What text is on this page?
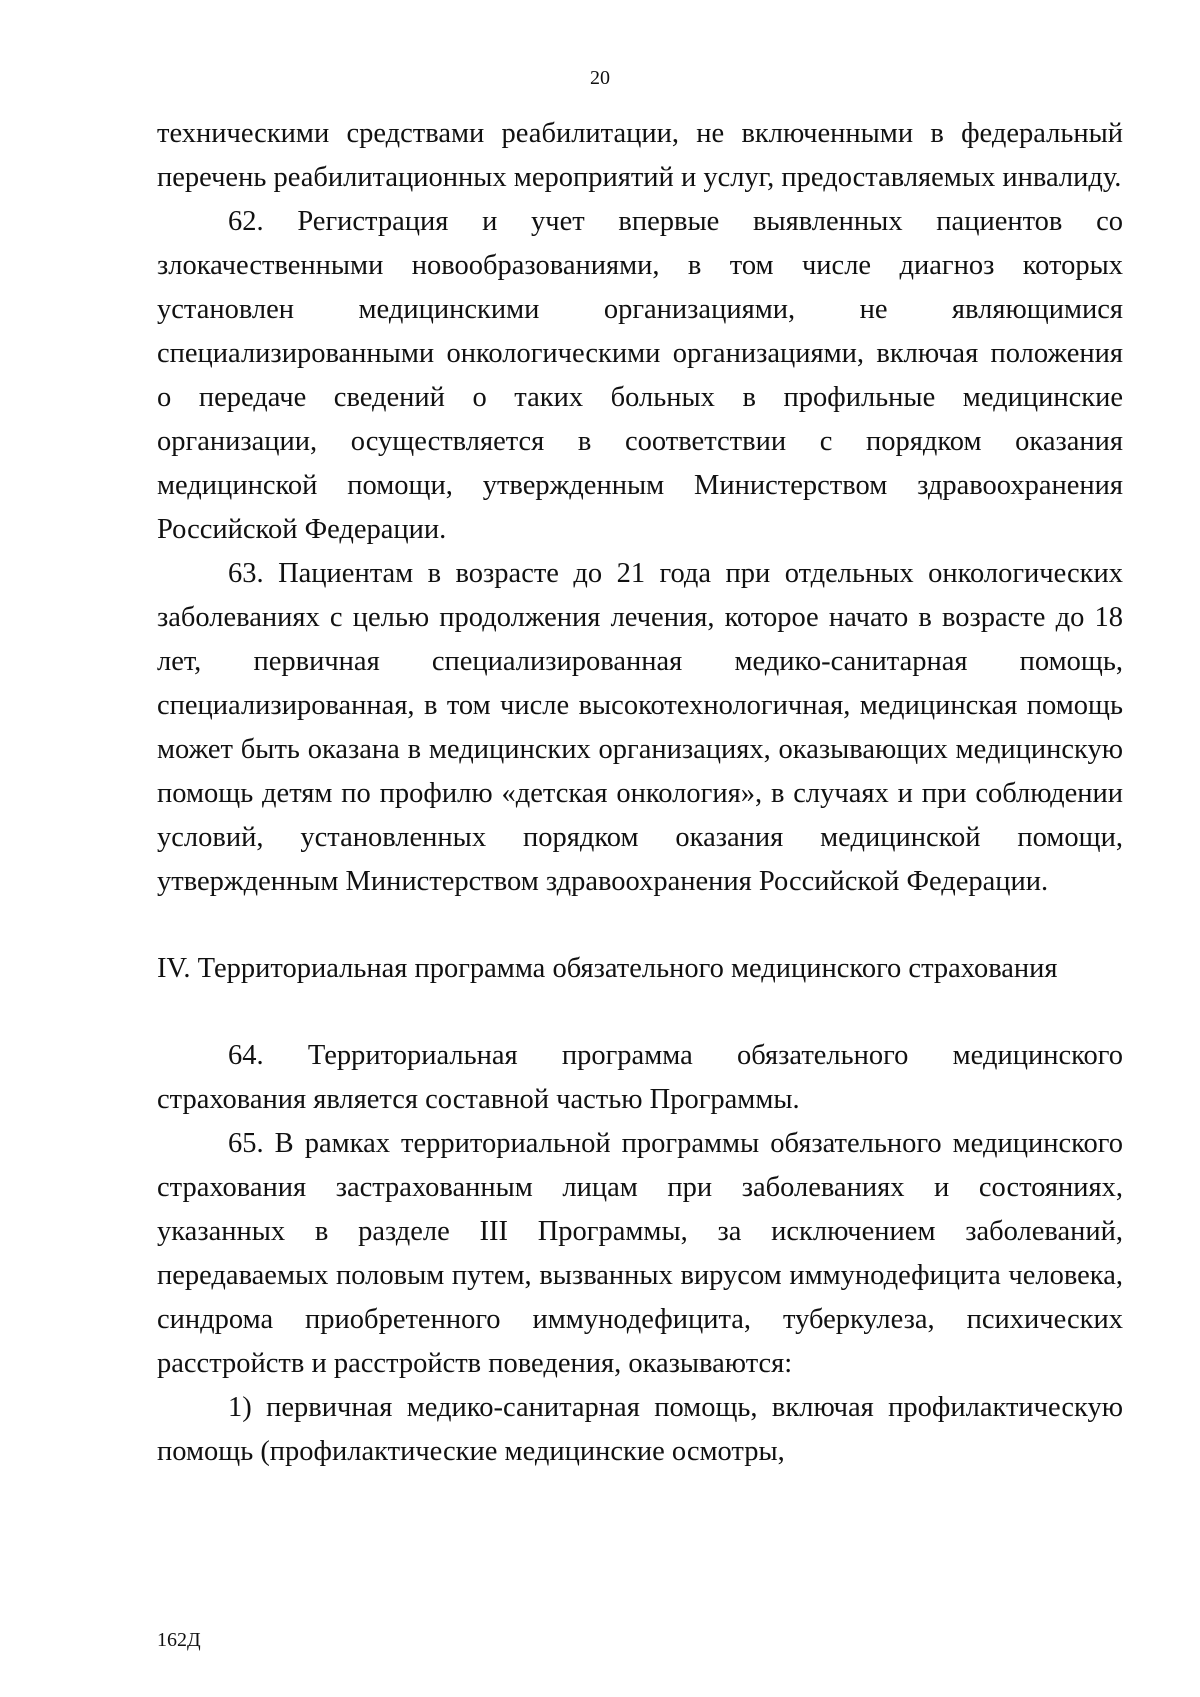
20

техническими средствами реабилитации, не включенными в федеральный перечень реабилитационных мероприятий и услуг, предоставляемых инвалиду.

62. Регистрация и учет впервые выявленных пациентов со злокачественными новообразованиями, в том числе диагноз которых установлен медицинскими организациями, не являющимися специализированными онкологическими организациями, включая положения о передаче сведений о таких больных в профильные медицинские организации, осуществляется в соответствии с порядком оказания медицинской помощи, утвержденным Министерством здравоохранения Российской Федерации.

63. Пациентам в возрасте до 21 года при отдельных онкологических заболеваниях с целью продолжения лечения, которое начато в возрасте до 18 лет, первичная специализированная медико-санитарная помощь, специализированная, в том числе высокотехнологичная, медицинская помощь может быть оказана в медицинских организациях, оказывающих медицинскую помощь детям по профилю «детская онкология», в случаях и при соблюдении условий, установленных порядком оказания медицинской помощи, утвержденным Министерством здравоохранения Российской Федерации.

IV. Территориальная программа обязательного медицинского страхования

64. Территориальная программа обязательного медицинского страхования является составной частью Программы.

65. В рамках территориальной программы обязательного медицинского страхования застрахованным лицам при заболеваниях и состояниях, указанных в разделе III Программы, за исключением заболеваний, передаваемых половым путем, вызванных вирусом иммунодефицита человека, синдрома приобретенного иммунодефицита, туберкулеза, психических расстройств и расстройств поведения, оказываются:

1) первичная медико-санитарная помощь, включая профилактическую помощь (профилактические медицинские осмотры,

162Д
